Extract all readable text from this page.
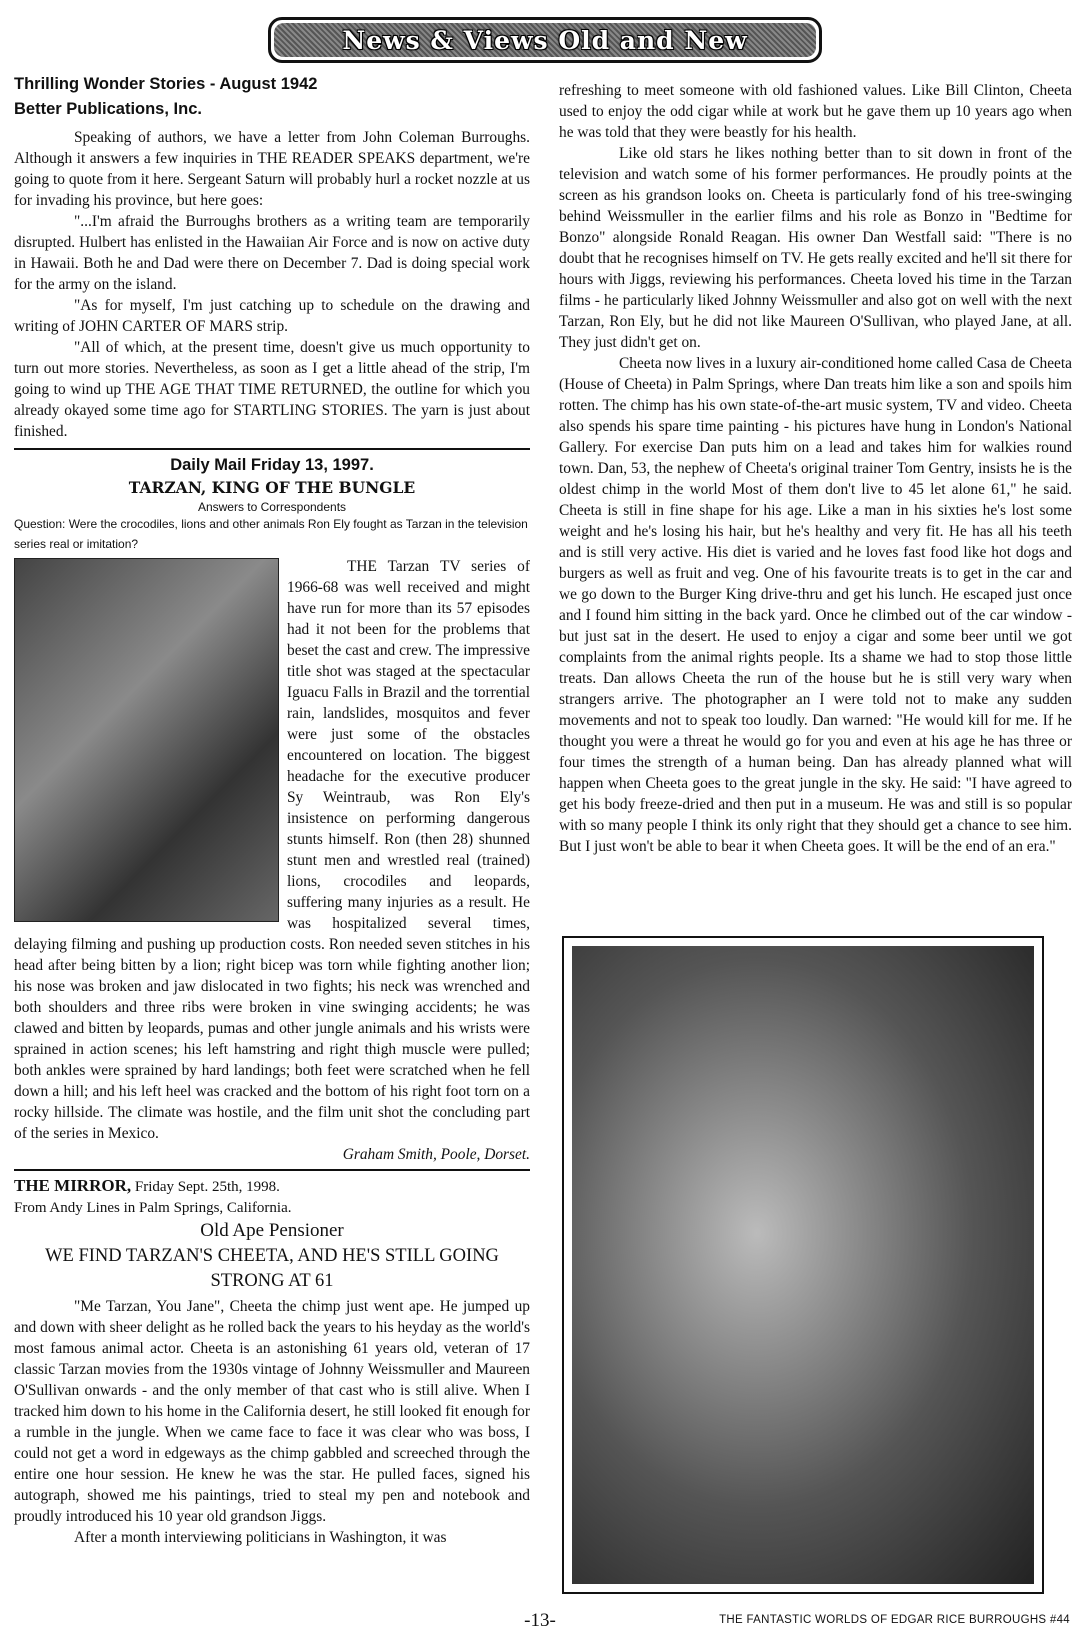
News & Views Old and New
Thrilling Wonder Stories - August 1942
Better Publications, Inc.

Speaking of authors, we have a letter from John Coleman Burroughs. Although it answers a few inquiries in THE READER SPEAKS department, we're going to quote from it here. Sergeant Saturn will probably hurl a rocket nozzle at us for invading his province, but here goes:

"...I'm afraid the Burroughs brothers as a writing team are temporarily disrupted. Hulbert has enlisted in the Hawaiian Air Force and is now on active duty in Hawaii. Both he and Dad were there on December 7. Dad is doing special work for the army on the island.

"As for myself, I'm just catching up to schedule on the drawing and writing of JOHN CARTER OF MARS strip.

"All of which, at the present time, doesn't give us much opportunity to turn out more stories. Nevertheless, as soon as I get a little ahead of the strip, I'm going to wind up THE AGE THAT TIME RETURNED, the outline for which you already okayed some time ago for STARTLING STORIES. The yarn is just about finished.

Daily Mail Friday 13, 1997.
TARZAN, KING OF THE BUNGLE
Answers to Correspondents
Question: Were the crocodiles, lions and other animals Ron Ely fought as Tarzan in the television series real or imitation?

THE Tarzan TV series of 1966-68 was well received and might have run for more than its 57 episodes had it not been for the problems that beset the cast and crew. The impressive title shot was staged at the spectacular Iguacu Falls in Brazil and the torrential rain, landslides, mosquitos and fever were just some of the obstacles encountered on location. The biggest headache for the executive producer Sy Weintraub, was Ron Ely's insistence on performing dangerous stunts himself. Ron (then 28) shunned stunt men and wrestled real (trained) lions, crocodiles and leopards, suffering many injuries as a result. He was hospitalized several times, delaying filming and pushing up production costs. Ron needed seven stitches in his head after being bitten by a lion; right bicep was torn while fighting another lion; his nose was broken and jaw dislocated in two fights; his neck was wrenched and both shoulders and three ribs were broken in vine swinging accidents; he was clawed and bitten by leopards, pumas and other jungle animals and his wrists were sprained in action scenes; his left hamstring and right thigh muscle were pulled; both ankles were sprained by hard landings; both feet were scratched when he fell down a hill; and his left heel was cracked and the bottom of his right foot torn on a rocky hillside. The climate was hostile, and the film unit shot the concluding part of the series in Mexico.

Graham Smith, Poole, Dorset.

THE MIRROR, Friday Sept. 25th, 1998.
From Andy Lines in Palm Springs, California.
Old Ape Pensioner
WE FIND TARZAN'S CHEETA, AND HE'S STILL GOING STRONG AT 61

"Me Tarzan, You Jane", Cheeta the chimp just went ape. He jumped up and down with sheer delight as he rolled back the years to his heyday as the world's most famous animal actor. Cheeta is an astonishing 61 years old, veteran of 17 classic Tarzan movies from the 1930s vintage of Johnny Weissmuller and Maureen O'Sullivan onwards - and the only member of that cast who is still alive. When I tracked him down to his home in the California desert, he still looked fit enough for a rumble in the jungle. When we came face to face it was clear who was boss, I could not get a word in edgeways as the chimp gabbled and screeched through the entire one hour session. He knew he was the star. He pulled faces, signed his autograph, showed me his paintings, tried to steal my pen and notebook and proudly introduced his 10 year old grandson Jiggs.

After a month interviewing politicians in Washington, it was

refreshing to meet someone with old fashioned values. Like Bill Clinton, Cheeta used to enjoy the odd cigar while at work but he gave them up 10 years ago when he was told that they were beastly for his health.

Like old stars he likes nothing better than to sit down in front of the television and watch some of his former performances. He proudly points at the screen as his grandson looks on. Cheeta is particularly fond of his tree-swinging behind Weissmuller in the earlier films and his role as Bonzo in "Bedtime for Bonzo" alongside Ronald Reagan. His owner Dan Westfall said: "There is no doubt that he recognises himself on TV. He gets really excited and he'll sit there for hours with Jiggs, reviewing his performances. Cheeta loved his time in the Tarzan films - he particularly liked Johnny Weissmuller and also got on well with the next Tarzan, Ron Ely, but he did not like Maureen O'Sullivan, who played Jane, at all. They just didn't get on.

Cheeta now lives in a luxury air-conditioned home called Casa de Cheeta (House of Cheeta) in Palm Springs, where Dan treats him like a son and spoils him rotten. The chimp has his own state-of-the-art music system, TV and video. Cheeta also spends his spare time painting - his pictures have hung in London's National Gallery. For exercise Dan puts him on a lead and takes him for walkies round town. Dan, 53, the nephew of Cheeta's original trainer Tom Gentry, insists he is the oldest chimp in the world Most of them don't live to 45 let alone 61," he said. Cheeta is still in fine shape for his age. Like a man in his sixties he's lost some weight and he's losing his hair, but he's healthy and very fit. He has all his teeth and is still very active. His diet is varied and he loves fast food like hot dogs and burgers as well as fruit and veg. One of his favourite treats is to get in the car and we go down to the Burger King drive-thru and get his lunch. He escaped just once and I found him sitting in the back yard. Once he climbed out of the car window - but just sat in the desert. He used to enjoy a cigar and some beer until we got complaints from the animal rights people. Its a shame we had to stop those little treats. Dan allows Cheeta the run of the house but he is still very wary when strangers arrive. The photographer an I were told not to make any sudden movements and not to speak too loudly. Dan warned: "He would kill for me. If he thought you were a threat he would go for you and even at his age he has three or four times the strength of a human being. Dan has already planned what will happen when Cheeta goes to the great jungle in the sky. He said: "I have agreed to get his body freeze-dried and then put in a museum. He was and still is so popular with so many people I think its only right that they should get a chance to see him. But I just won't be able to bear it when Cheeta goes. It will be the end of an era."

-13-	THE FANTASTIC WORLDS OF EDGAR RICE BURROUGHS #44
